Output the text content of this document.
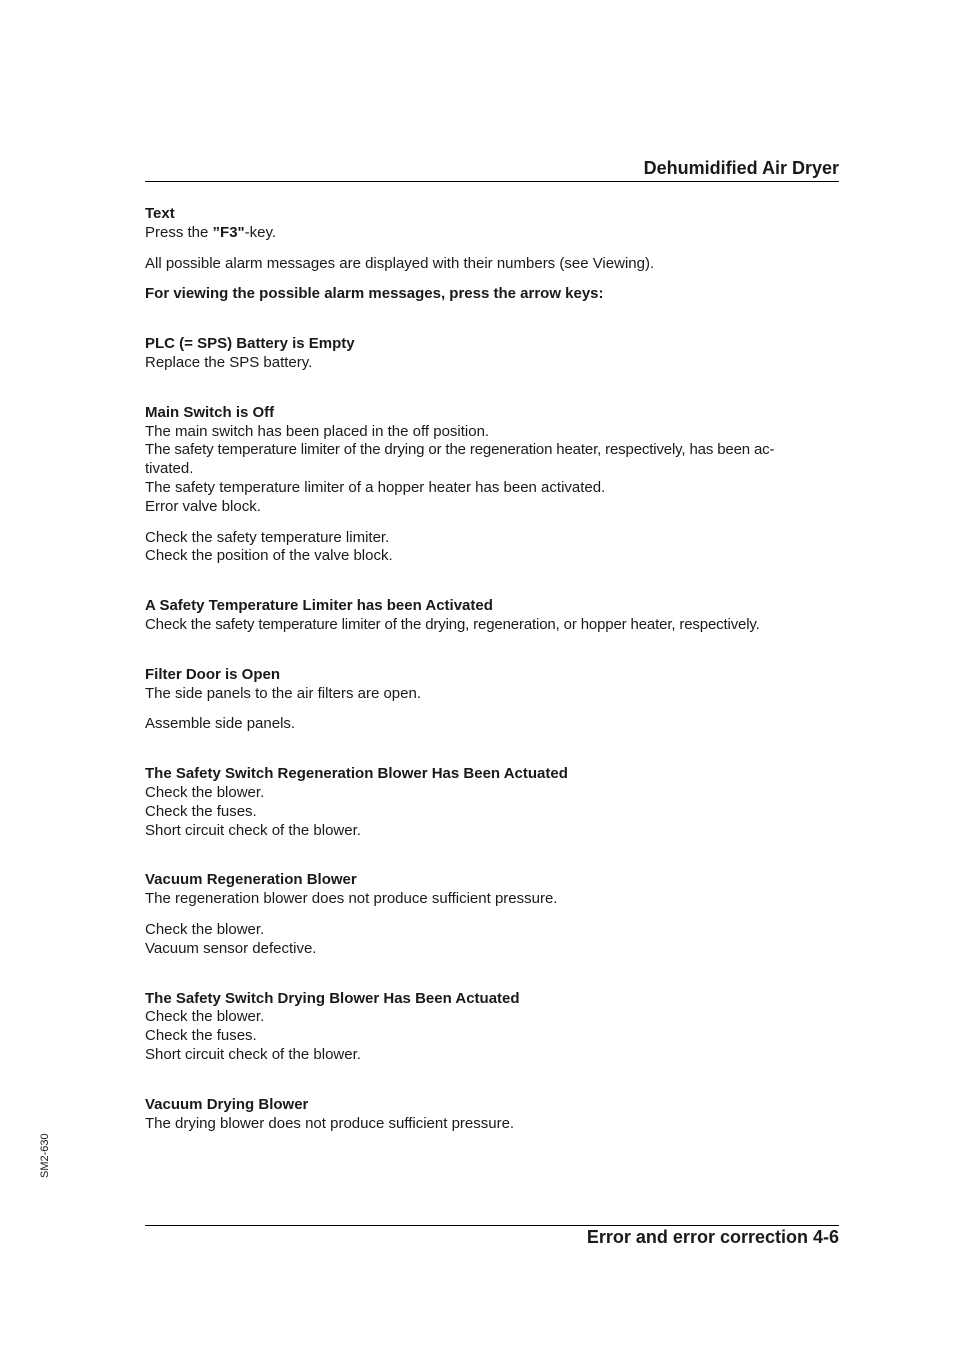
Dehumidified Air Dryer

Text

Press the ”F3"-key.

All possible alarm messages are displayed with their numbers (see Viewing).

For viewing the possible alarm messages, press the arrow keys:

PLC (= SPS) Battery is Empty

Replace the SPS battery.

Main Switch is Off

The main switch has been placed in the off position.

The safety temperature limiter of the drying or the regeneration heater, respectively, has been ac-

tivated.

The safety temperature limiter of a hopper heater has been activated.

Error valve block.

Check the safety temperature limiter.

Check the position of the valve block.

A Safety Temperature Limiter has been Activated

Check the safety temperature limiter of the drying, regeneration, or hopper heater, respectively.

Filter Door is Open

The side panels to the air filters are open.

Assemble side panels.

The Safety Switch Regeneration Blower Has Been Actuated

Check the blower.

Check the fuses.

Short circuit check of the blower.

Vacuum Regeneration Blower

The regeneration blower does not produce sufficient pressure.

Check the blower.

Vacuum sensor defective.

The Safety Switch Drying Blower Has Been Actuated

Check the blower.

Check the fuses.

Short circuit check of the blower.

Vacuum Drying Blower

The drying blower does not produce sufficient pressure.

SM2-630
Error and error correction 4-6
